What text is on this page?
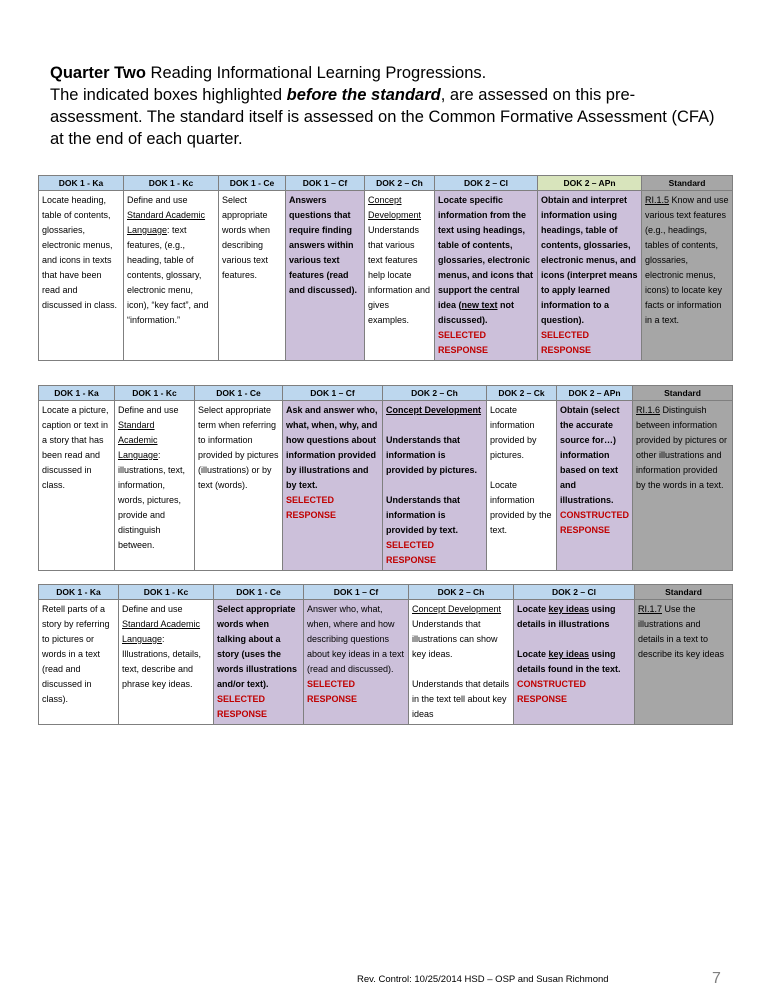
Quarter Two Reading Informational Learning Progressions.

The indicated boxes highlighted before the standard, are assessed on this pre-assessment. The standard itself is assessed on the Common Formative Assessment (CFA) at the end of each quarter.

DOK 1 - Ka	DOK 1 - Kc	DOK 1 - Ce	DOK 1 – Cf	DOK 2 – Ch	DOK 2 – Cl	DOK 2 – APn	Standard
Locate heading, table of contents, glossaries, electronic menus, and icons in texts that have been read and discussed in class.	Define and use Standard Academic Language: text features, (e.g., heading, table of contents, glossary, electronic menu, icon), “key fact”, and “information.”	Select appropriate words when describing various text features.	Answers questions that require finding answers within various text features (read and discussed).	Concept Development Understands that various text features help locate information and gives examples.	Locate specific information from the text using headings, table of contents, glossaries, electronic menus, and icons that support the central idea (new text not discussed).
SELECTED RESPONSE	Obtain and interpret information using headings, table of contents, glossaries, electronic menus, and icons (interpret means to apply learned information to a question).
SELECTED RESPONSE	RI.1.5 Know and use various text features (e.g., headings, tables of contents, glossaries, electronic menus, icons) to locate key facts or information in a text.
DOK 1 - Ka	DOK 1 - Kc	DOK 1 - Ce	DOK 1 – Cf	DOK 2 – Ch	DOK 2 – Ck	DOK 2 – APn	Standard
Locate a picture, caption or text in a story that has been read and discussed in class.	Define and use Standard Academic Language: illustrations, text, information, words, pictures, provide and distinguish between.	Select appropriate term when referring to information provided by pictures (illustrations) or by text (words).	Ask and answer who, what, when, why, and how questions about information provided by illustrations and by text.
SELECTED RESPONSE	Concept Development

Understands that information is provided by pictures.

Understands that information is provided by text.
SELECTED RESPONSE	Locate information provided by pictures.

Locate information provided by the text.	Obtain (select the accurate source for…) information based on text and illustrations.
CONSTRUCTED RESPONSE	RI.1.6 Distinguish between information provided by pictures or other illustrations and information provided by the words in a text.
DOK 1 - Ka	DOK 1 - Kc	DOK 1 - Ce	DOK 1 – Cf	DOK 2 – Ch	DOK 2 – Cl	Standard
Retell parts of a story by referring to pictures or words in a text (read and discussed in class).	Define and use Standard Academic Language: Illustrations, details, text, describe and phrase key ideas.	Select appropriate words when talking about a story (uses the words illustrations and/or text).
SELECTED RESPONSE	Answer who, what, when, where and how describing questions about key ideas in a text (read and discussed).
SELECTED RESPONSE	Concept Development
Understands that illustrations can show key ideas.

Understands that details in the text tell about key ideas	Locate key ideas using details in illustrations

Locate key ideas using details found in the text.
CONSTRUCTED RESPONSE	RI.1.7 Use the illustrations and details in a text to describe its key ideas
Rev. Control: 10/25/2014 HSD – OSP and Susan Richmond	7
